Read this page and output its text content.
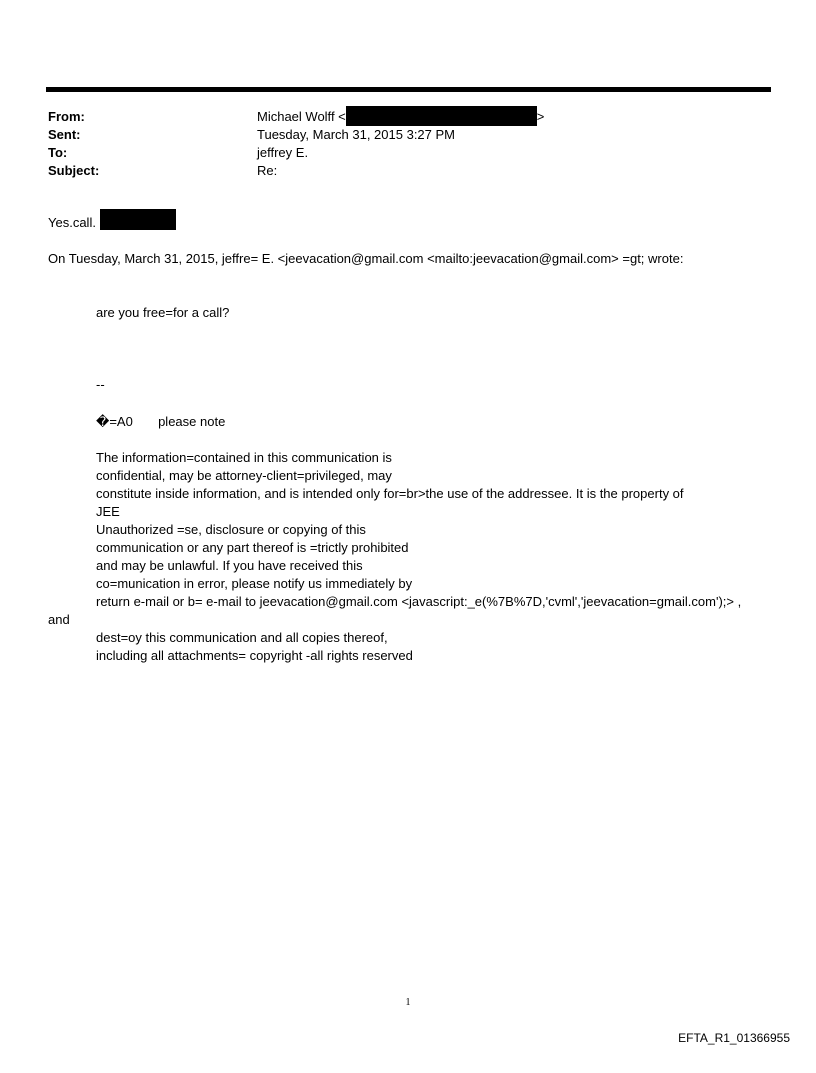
From:	Michael Wolff <	>
Sent:	Tuesday, March 31, 2015 3:27 PM
To:	jeffrey E.
Subject:	Re:
Yes.call.
On Tuesday, March 31, 2015, jeffre= E. <jeevacation@gmail.com <mailto:jeevacation@gmail.com> =gt; wrote:
are you free=for a call?
--
�=A0 please note
The information=contained in this communication is
confidential, may be attorney-client=privileged, may
constitute inside information, and is intended only for=br>the use of the addressee. It is the property of
JEE
Unauthorized =se, disclosure or copying of this
communication or any part thereof is =trictly prohibited
and may be unlawful. If you have received this
co=munication in error, please notify us immediately by
return e-mail or b= e-mail to jeevacation@gmail.com <javascript:_e(%7B%7D,'cvml','jeevacation=gmail.com');> ,
and
dest=oy this communication and all copies thereof,
including all attachments= copyright -all rights reserved
1
EFTA_R1_01366955
